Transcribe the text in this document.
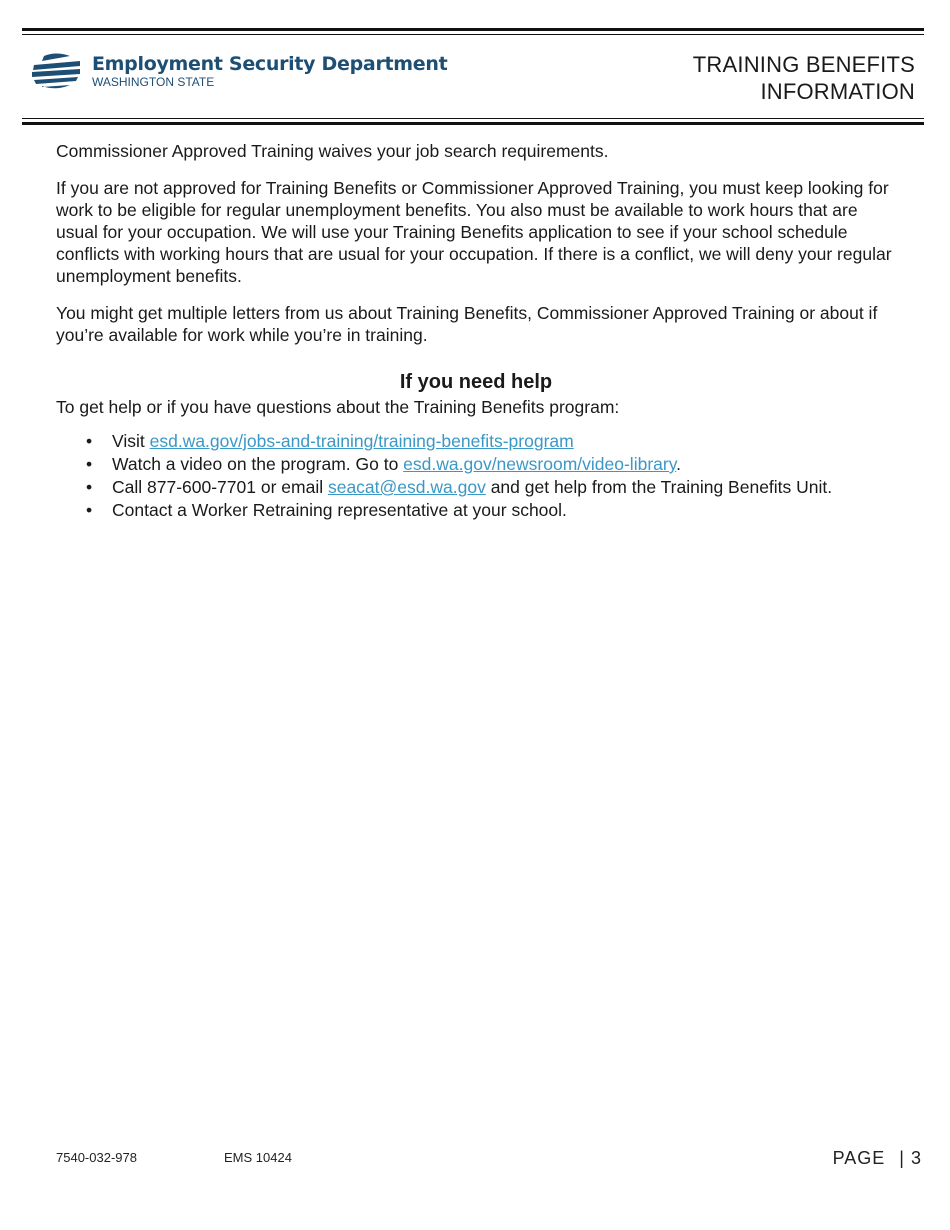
Employment Security Department
WASHINGTON STATE
TRAINING BENEFITS
INFORMATION

Commissioner Approved Training waives your job search requirements.

If you are not approved for Training Benefits or Commissioner Approved Training, you must keep looking for work to be eligible for regular unemployment benefits. You also must be available to work hours that are usual for your occupation. We will use your Training Benefits application to see if your school schedule conflicts with working hours that are usual for your occupation. If there is a conflict, we will deny your regular unemployment benefits.

You might get multiple letters from us about Training Benefits, Commissioner Approved Training or about if you’re available for work while you’re in training.

If you need help
To get help or if you have questions about the Training Benefits program:
• Visit esd.wa.gov/jobs-and-training/training-benefits-program
• Watch a video on the program. Go to esd.wa.gov/newsroom/video-library.
• Call 877-600-7701 or email seacat@esd.wa.gov and get help from the Training Benefits Unit.
• Contact a Worker Retraining representative at your school.
7540-032-978	EMS 10424	PAGE | 3
